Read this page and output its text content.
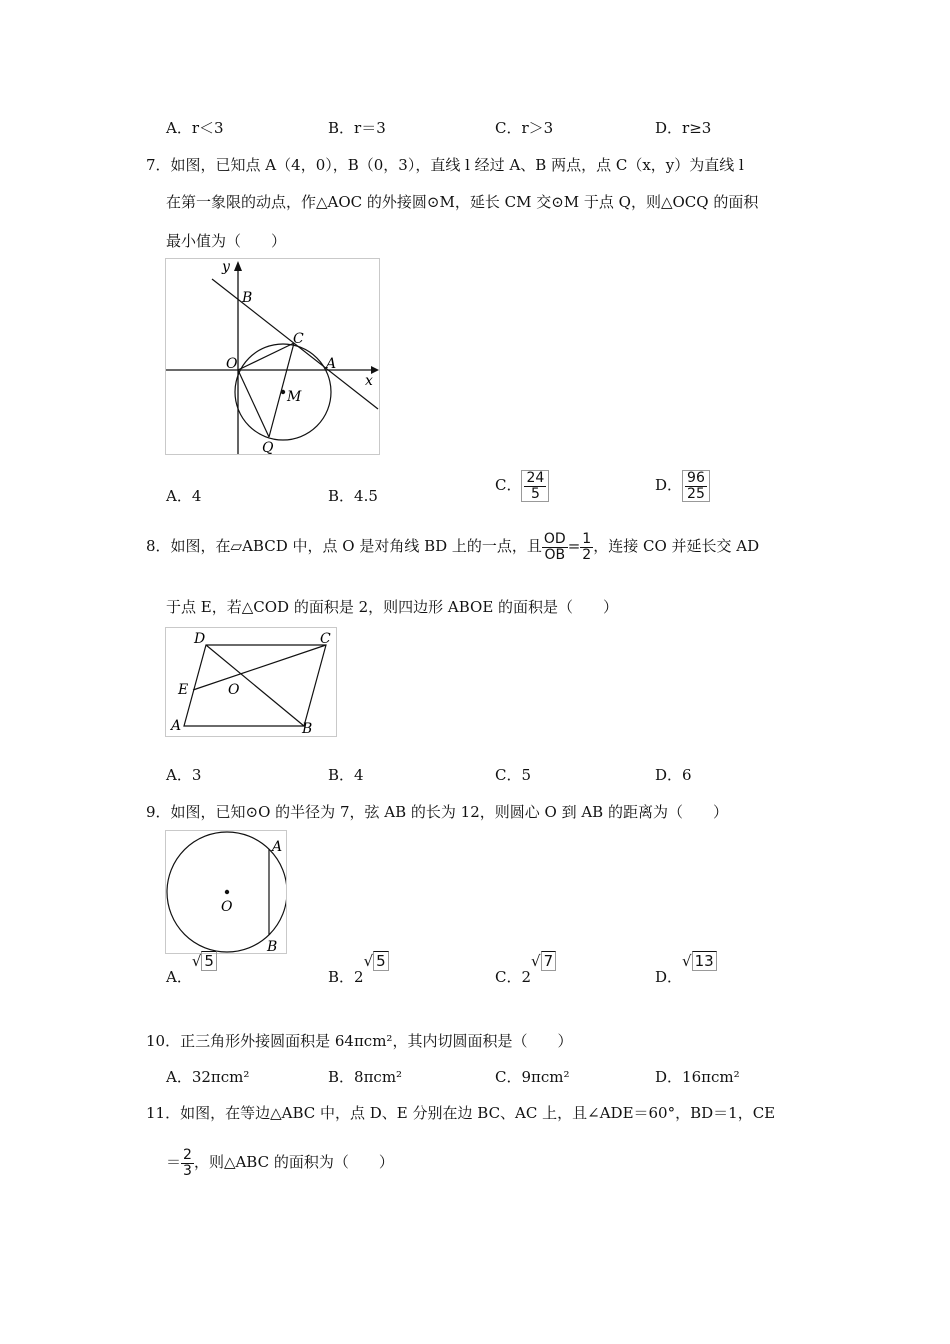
A．r＜3	B．r＝3	C．r＞3	D．r≥3
7．如图，已知点 A（4，0），B（0，3），直线 l 经过 A、B 两点，点 C（x，y）为直线 l
在第一象限的动点，作△AOC 的外接圆⊙M，延长 CM 交⊙M 于点 Q，则△OCQ 的面积
最小值为（　　）
y
x
B
C
O	A
M
Q
A．4	B．4.5
C． $\frac{24}{5}$	D． $\frac{96}{25}$
8．如图，在▱ABCD 中，点 O 是对角线 BD 上的一点，且 $\frac{OD}{OB} = \frac{1}{2}$ ，连接 CO 并延长交 AD
于点 E，若△COD 的面积是 2，则四边形 ABOE 的面积是（　　）
D	C
E	O
A	B
A．3	B．4	C．5	D．6
9．如图，已知⊙O 的半径为 7，弦 AB 的长为 12，则圆心 O 到 AB 的距离为（　　）
O
A
B
A．√ 5
B．2√ 5
C．2√ 7
D．√ 13
10．正三角形外接圆面积是 64πcm²，其内切圆面积是（　　）
A．32πcm²	B．8πcm²	C．9πcm²	D．16πcm²
11．如图，在等边△ABC 中，点 D、E 分别在边 BC、AC 上，且∠ADE＝60°，BD＝1，CE
＝ $\frac{2}{3}$ ，则△ABC 的面积为（　　）
